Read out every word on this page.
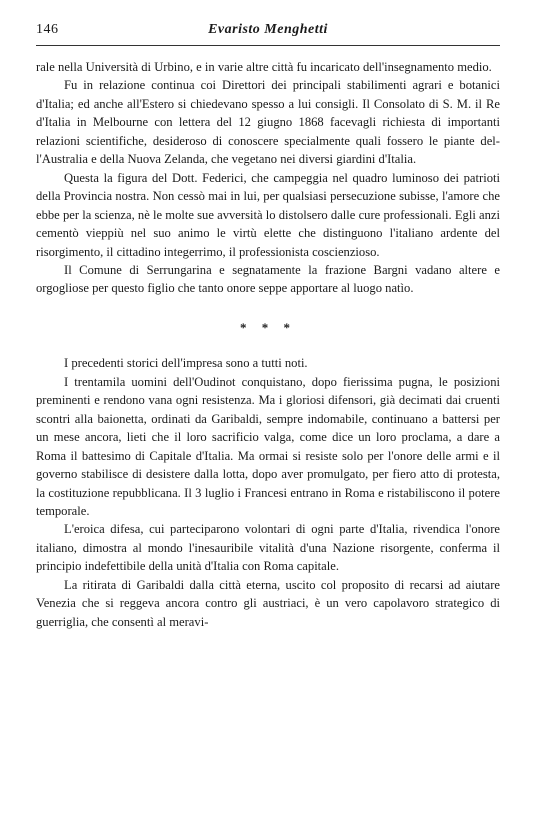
146	Evaristo Menghetti

rale nella Università di Urbino, e in varie altre città fu incaricato dell'insegnamento medio.

Fu in relazione continua coi Direttori dei principali stabilimenti agrari e botanici d'Italia; ed anche all'Estero si chiedevano spesso a lui consigli. Il Consolato di S. M. il Re d'Italia in Melbourne con lettera del 12 giugno 1868 facevagli richiesta di importanti relazioni scientifiche, desideroso di conoscere specialmente quali fossero le piante dell'Australia e della Nuova Zelanda, che vegetano nei diversi giardini d'Italia.

Questa la figura del Dott. Federici, che campeggia nel quadro luminoso dei patrioti della Provincia nostra. Non cessò mai in lui, per qualsiasi persecuzione subisse, l'amore che ebbe per la scienza, nè le molte sue avversità lo distolsero dalle cure professionali. Egli anzi cementò vieppiù nel suo animo le virtù elette che distinguono l'italiano ardente del risorgimento, il cittadino integerrimo, il professionista coscienzioso.

Il Comune di Serrungarina e segnatamente la frazione Bargni vadano altere e orgogliose per questo figlio che tanto onore seppe apportare al luogo natìo.

* * *

I precedenti storici dell'impresa sono a tutti noti.

I trentamila uomini dell'Oudinot conquistano, dopo fierissima pugna, le posizioni preminenti e rendono vana ogni resistenza. Ma i gloriosi difensori, già decimati dai cruenti scontri alla baionetta, ordinati da Garibaldi, sempre indomabile, continuano a battersi per un mese ancora, lieti che il loro sacrificio valga, come dice un loro proclama, a dare a Roma il battesimo di Capitale d'Italia. Ma ormai si resiste solo per l'onore delle armi e il governo stabilisce di desistere dalla lotta, dopo aver promulgato, per fiero atto di protesta, la costituzione repubblicana. Il 3 luglio i Francesi entrano in Roma e ristabiliscono il potere temporale.

L'eroica difesa, cui parteciparono volontari di ogni parte d'Italia, rivendica l'onore italiano, dimostra al mondo l'inesauribile vitalità d'una Nazione risorgente, conferma il principio indefettibile della unità d'Italia con Roma capitale.

La ritirata di Garibaldi dalla città eterna, uscito col proposito di recarsi ad aiutare Venezia che si reggeva ancora contro gli austriaci, è un vero capolavoro strategico di guerriglia, che consentì al meravi-
